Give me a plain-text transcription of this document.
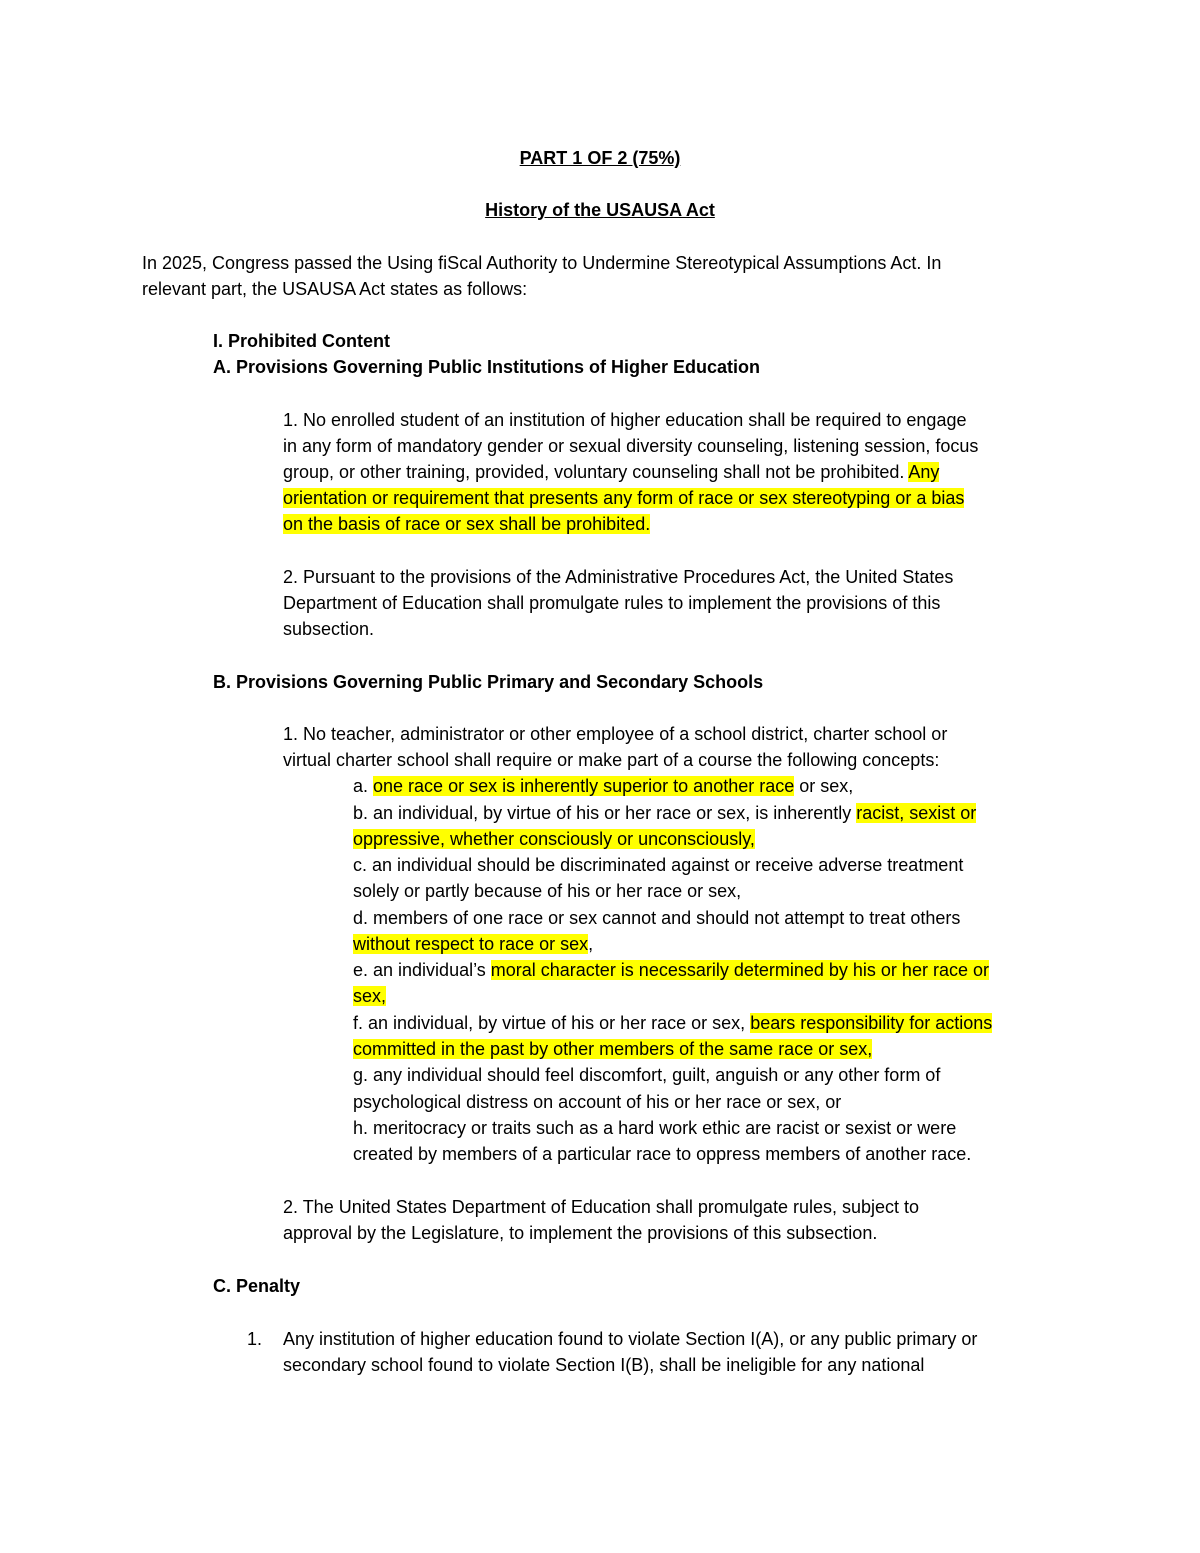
PART 1 OF 2 (75%)
History of the USAUSA Act
In 2025, Congress passed the Using fiScal Authority to Undermine Stereotypical Assumptions Act. In
relevant part, the USAUSA Act states as follows:
I. Prohibited Content
A. Provisions Governing Public Institutions of Higher Education
1. No enrolled student of an institution of higher education shall be required to engage
in any form of mandatory gender or sexual diversity counseling, listening session, focus
group, or other training, provided, voluntary counseling shall not be prohibited. Any
orientation or requirement that presents any form of race or sex stereotyping or a bias
on the basis of race or sex shall be prohibited.
2. Pursuant to the provisions of the Administrative Procedures Act, the United States
Department of Education shall promulgate rules to implement the provisions of this
subsection.
B. Provisions Governing Public Primary and Secondary Schools
1. No teacher, administrator or other employee of a school district, charter school or
virtual charter school shall require or make part of a course the following concepts:
a. one race or sex is inherently superior to another race or sex,
b. an individual, by virtue of his or her race or sex, is inherently racist, sexist or
oppressive, whether consciously or unconsciously,
c. an individual should be discriminated against or receive adverse treatment
solely or partly because of his or her race or sex,
d. members of one race or sex cannot and should not attempt to treat others
without respect to race or sex,
e. an individual’s moral character is necessarily determined by his or her race or
sex,
f. an individual, by virtue of his or her race or sex, bears responsibility for actions
committed in the past by other members of the same race or sex,
g. any individual should feel discomfort, guilt, anguish or any other form of
psychological distress on account of his or her race or sex, or
h. meritocracy or traits such as a hard work ethic are racist or sexist or were
created by members of a particular race to oppress members of another race.
2. The United States Department of Education shall promulgate rules, subject to
approval by the Legislature, to implement the provisions of this subsection.
C. Penalty
1. Any institution of higher education found to violate Section I(A), or any public primary or
secondary school found to violate Section I(B), shall be ineligible for any national
